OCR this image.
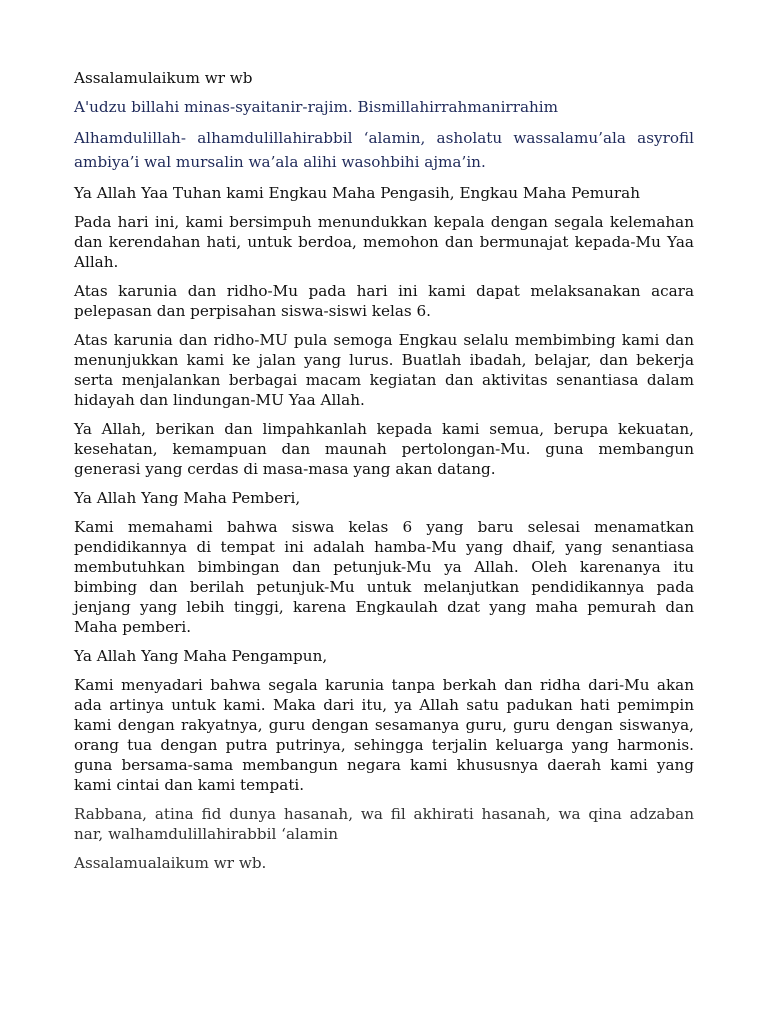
Assalamulaikum wr wb

A'udzu billahi minas-syaitanir-rajim. Bismillahirrahmanirrahim

Alhamdulillah- alhamdulillahirabbil ‘alamin, asholatu wassalamu’ala asyrofil ambiya’i wal mursalin wa’ala alihi wasohbihi ajma’in.

Ya Allah Yaa Tuhan kami Engkau Maha Pengasih, Engkau Maha Pemurah

Pada hari ini, kami bersimpuh menundukkan kepala dengan segala kelemahan dan kerendahan hati, untuk berdoa, memohon dan bermunajat kepada-Mu Yaa Allah.

Atas karunia dan ridho-Mu pada hari ini kami dapat melaksanakan acara pelepasan dan perpisahan siswa-siswi kelas 6.

Atas karunia dan ridho-MU pula semoga Engkau selalu membimbing kami dan menunjukkan kami ke jalan yang lurus. Buatlah ibadah, belajar, dan bekerja serta menjalankan berbagai macam kegiatan dan aktivitas senantiasa dalam hidayah dan lindungan-MU Yaa Allah.

Ya Allah, berikan dan limpahkanlah kepada kami semua, berupa kekuatan, kesehatan, kemampuan dan maunah pertolongan-Mu. guna membangun generasi yang cerdas di masa-masa yang akan datang.

Ya Allah Yang Maha Pemberi,

Kami memahami bahwa siswa kelas 6 yang baru selesai menamatkan pendidikannya di tempat ini adalah hamba-Mu yang dhaif, yang senantiasa membutuhkan bimbingan dan petunjuk-Mu ya Allah. Oleh karenanya itu bimbing dan berilah petunjuk-Mu untuk melanjutkan pendidikannya pada jenjang yang lebih tinggi, karena Engkaulah dzat yang maha pemurah dan Maha pemberi.

Ya Allah Yang Maha Pengampun,

Kami menyadari bahwa segala karunia tanpa berkah dan ridha dari-Mu akan ada artinya untuk kami. Maka dari itu, ya Allah satu padukan hati pemimpin kami dengan rakyatnya, guru dengan sesamanya guru, guru dengan siswanya, orang tua dengan putra putrinya, sehingga terjalin keluarga yang harmonis. guna bersama-sama membangun negara kami khususnya daerah kami yang kami cintai dan kami tempati.

Rabbana, atina fid dunya hasanah, wa fil akhirati hasanah, wa qina adzaban nar, walhamdulillahirabbil ‘alamin

Assalamualaikum wr wb.
